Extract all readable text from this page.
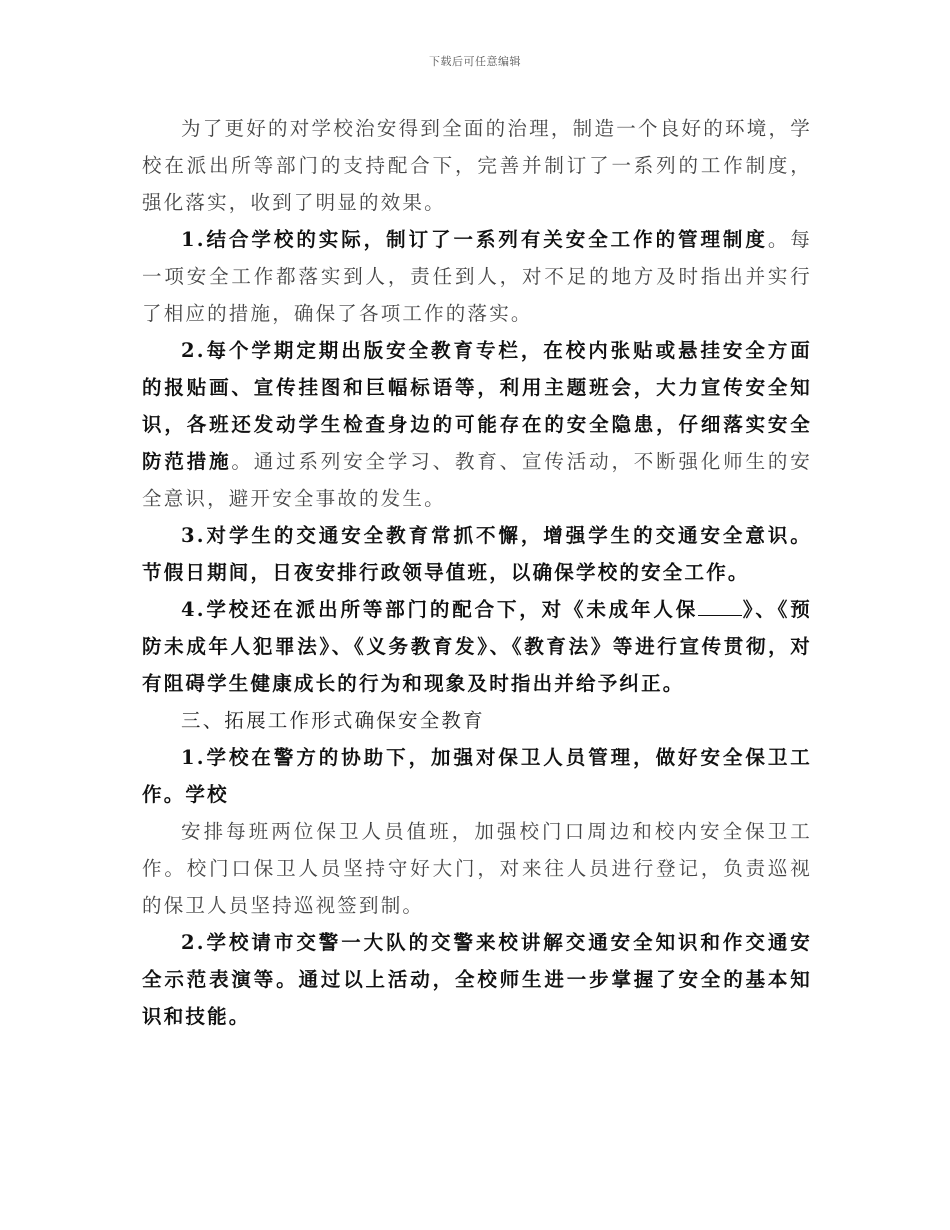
下载后可任意编辑

为了更好的对学校治安得到全面的治理，制造一个良好的环境，学校在派出所等部门的支持配合下，完善并制订了一系列的工作制度，强化落实，收到了明显的效果。

1.结合学校的实际，制订了一系列有关安全工作的管理制度。每一项安全工作都落实到人，责任到人，对不足的地方及时指出并实行了相应的措施，确保了各项工作的落实。

2.每个学期定期出版安全教育专栏，在校内张贴或悬挂安全方面的报贴画、宣传挂图和巨幅标语等，利用主题班会，大力宣传安全知识，各班还发动学生检查身边的可能存在的安全隐患，仔细落实安全防范措施。通过系列安全学习、教育、宣传活动，不断强化师生的安全意识，避开安全事故的发生。

3.对学生的交通安全教育常抓不懈，增强学生的交通安全意识。节假日期间，日夜安排行政领导值班，以确保学校的安全工作。

4.学校还在派出所等部门的配合下，对《未成年人保 》、《预防未成年人犯罪法》、《义务教育发》、《教育法》等进行宣传贯彻，对有阻碍学生健康成长的行为和现象及时指出并给予纠正。

三、拓展工作形式确保安全教育

1.学校在警方的协助下，加强对保卫人员管理，做好安全保卫工作。学校

安排每班两位保卫人员值班，加强校门口周边和校内安全保卫工作。校门口保卫人员坚持守好大门，对来往人员进行登记，负责巡视的保卫人员坚持巡视签到制。

2.学校请市交警一大队的交警来校讲解交通安全知识和作交通安全示范表演等。通过以上活动，全校师生进一步掌握了安全的基本知识和技能。
